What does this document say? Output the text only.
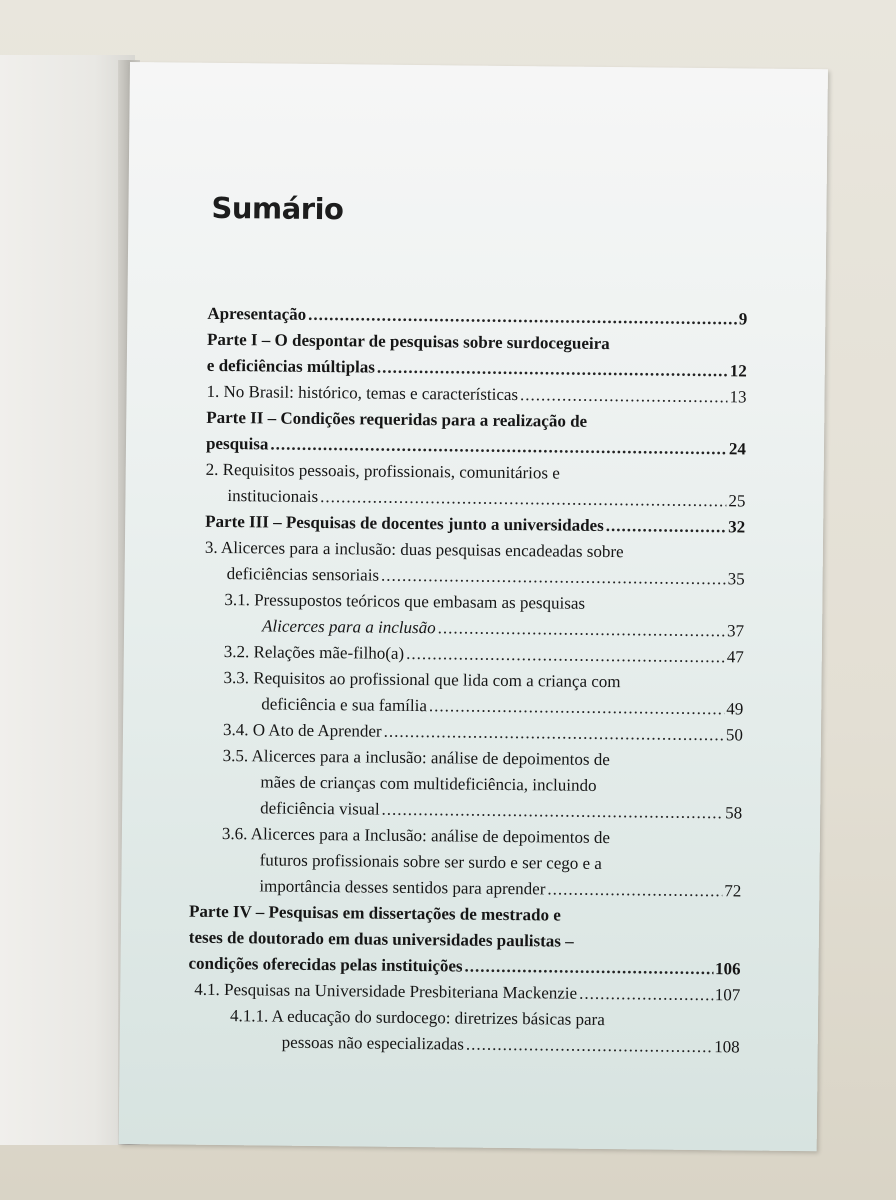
Sumário
Apresentação .....	9
Parte I – O despontar de pesquisas sobre surdocegueira
e deficiências múltiplas .....	12
1. No Brasil: histórico, temas e características .....	13
Parte II – Condições requeridas para a realização de
pesquisa .....	24
2. Requisitos pessoais, profissionais, comunitários e
institucionais .....	25
Parte III – Pesquisas de docentes junto a universidades .....	32
3. Alicerces para a inclusão: duas pesquisas encadeadas sobre
deficiências sensoriais .....	35
3.1. Pressupostos teóricos que embasam as pesquisas
Alicerces para a inclusão .....	37
3.2. Relações mãe-filho(a) .....	47
3.3. Requisitos ao profissional que lida com a criança com
deficiência e sua família .....	49
3.4. O Ato de Aprender .....	50
3.5. Alicerces para a inclusão: análise de depoimentos de
mães de crianças com multideficiência, incluindo
deficiência visual .....	58
3.6. Alicerces para a Inclusão: análise de depoimentos de
futuros profissionais sobre ser surdo e ser cego e a
importância desses sentidos para aprender .....	72
Parte IV – Pesquisas em dissertações de mestrado e
teses de doutorado em duas universidades paulistas –
condições oferecidas pelas instituições .....	106
4.1. Pesquisas na Universidade Presbiteriana Mackenzie .....	107
4.1.1. A educação do surdocego: diretrizes básicas para
pessoas não especializadas .....	108
